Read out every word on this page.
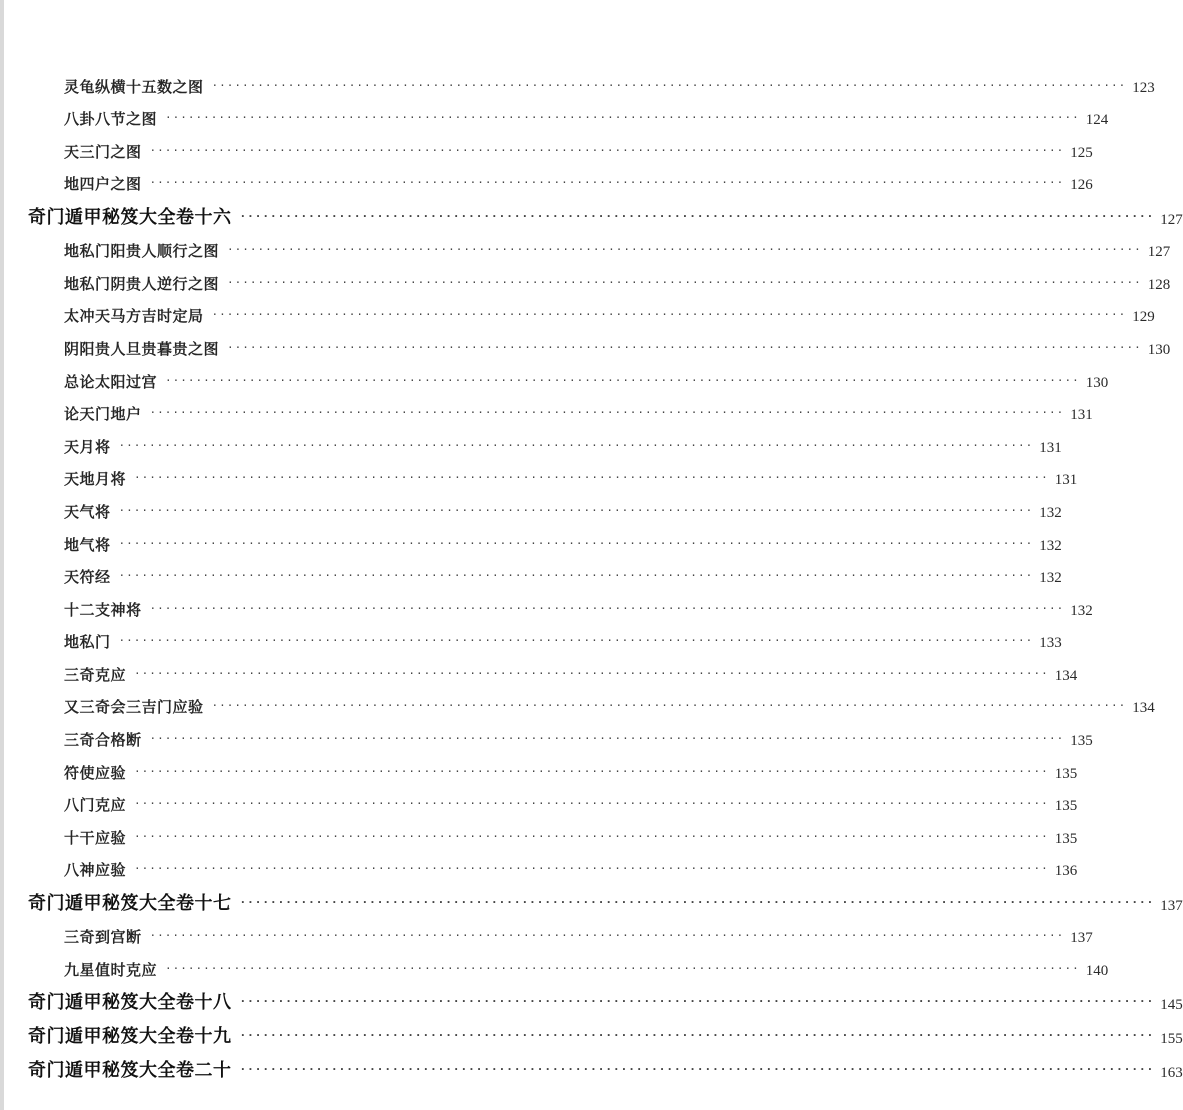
灵龟纵横十五数之图 ························································································································ 123
八卦八节之图 ························································································································ 124
天三门之图 ························································································································ 125
地四户之图 ························································································································ 126
奇门遁甲秘笈大全卷十六 ························································································································ 127
地私门阳贵人顺行之图 ························································································································ 127
地私门阴贵人逆行之图 ························································································································ 128
太冲天马方吉时定局 ························································································································ 129
阴阳贵人旦贵暮贵之图 ························································································································ 130
总论太阳过宫 ························································································································ 130
论天门地户 ························································································································ 131
天月将 ························································································································ 131
天地月将 ························································································································ 131
天气将 ························································································································ 132
地气将 ························································································································ 132
天符经 ························································································································ 132
十二支神将 ························································································································ 132
地私门 ························································································································ 133
三奇克应 ························································································································ 134
又三奇会三吉门应验 ························································································································ 134
三奇合格断 ························································································································ 135
符使应验 ························································································································ 135
八门克应 ························································································································ 135
十干应验 ························································································································ 135
八神应验 ························································································································ 136
奇门遁甲秘笈大全卷十七 ························································································································ 137
三奇到宫断 ························································································································ 137
九星值时克应 ························································································································ 140
奇门遁甲秘笈大全卷十八 ························································································································ 145
奇门遁甲秘笈大全卷十九 ························································································································ 155
奇门遁甲秘笈大全卷二十 ························································································································ 163
